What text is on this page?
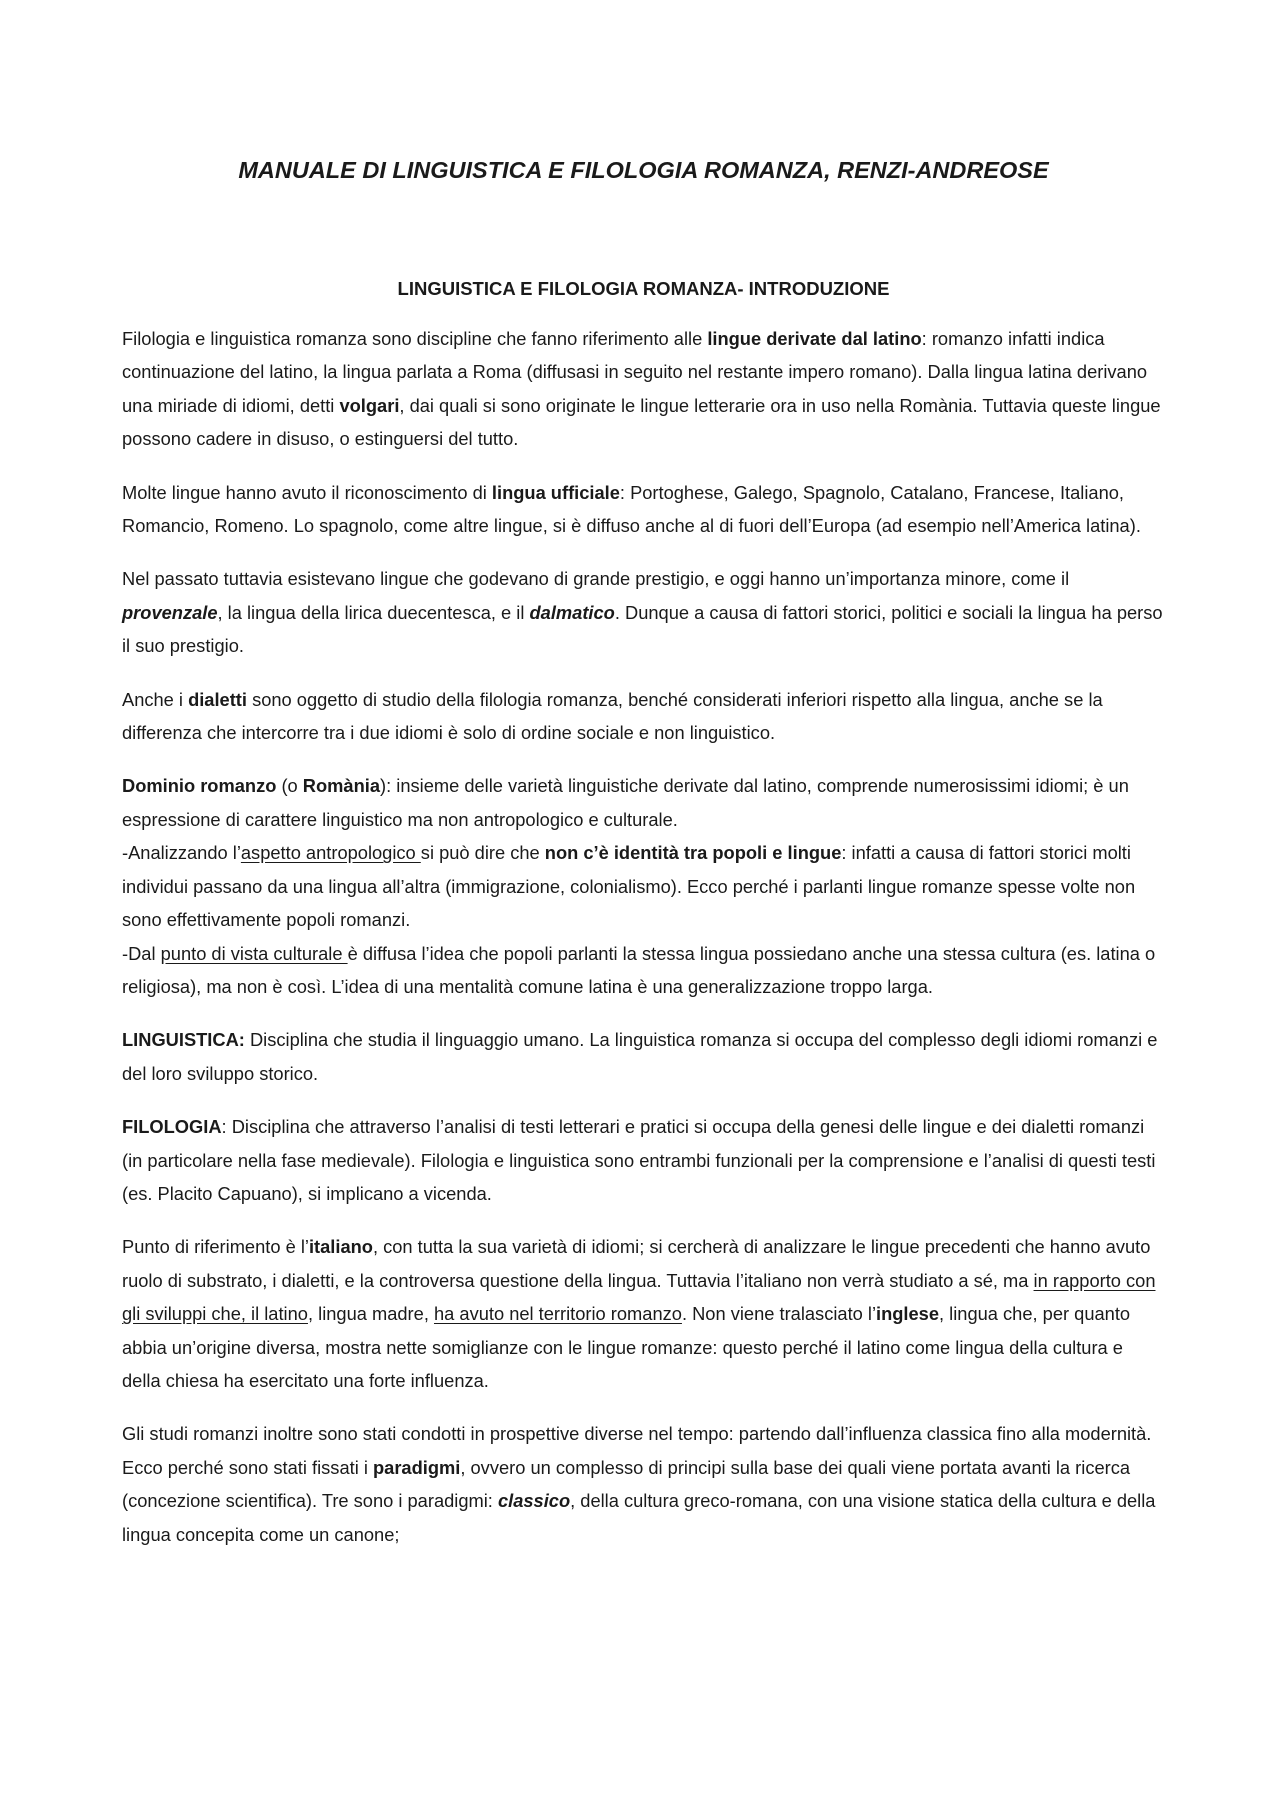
MANUALE DI LINGUISTICA E FILOLOGIA ROMANZA, RENZI-ANDREOSE
LINGUISTICA E FILOLOGIA ROMANZA- INTRODUZIONE

Filologia e linguistica romanza sono discipline che fanno riferimento alle lingue derivate dal latino: romanzo infatti indica continuazione del latino, la lingua parlata a Roma (diffusasi in seguito nel restante impero romano). Dalla lingua latina derivano una miriade di idiomi, detti volgari, dai quali si sono originate le lingue letterarie ora in uso nella Romània. Tuttavia queste lingue possono cadere in disuso, o estinguersi del tutto.

Molte lingue hanno avuto il riconoscimento di lingua ufficiale: Portoghese, Galego, Spagnolo, Catalano, Francese, Italiano, Romancio, Romeno. Lo spagnolo, come altre lingue, si è diffuso anche al di fuori dell’Europa (ad esempio nell’America latina).

Nel passato tuttavia esistevano lingue che godevano di grande prestigio, e oggi hanno un’importanza minore, come il provenzale, la lingua della lirica duecentesca, e il dalmatico. Dunque a causa di fattori storici, politici e sociali la lingua ha perso il suo prestigio.

Anche i dialetti sono oggetto di studio della filologia romanza, benché considerati inferiori rispetto alla lingua, anche se la differenza che intercorre tra i due idiomi è solo di ordine sociale e non linguistico.

Dominio romanzo (o Romània): insieme delle varietà linguistiche derivate dal latino, comprende numerosissimi idiomi; è un espressione di carattere linguistico ma non antropologico e culturale.
-Analizzando l’aspetto antropologico si può dire che non c’è identità tra popoli e lingue: infatti a causa di fattori storici molti individui passano da una lingua all’altra (immigrazione, colonialismo). Ecco perché i parlanti lingue romanze spesse volte non sono effettivamente popoli romanzi.
-Dal punto di vista culturale è diffusa l’idea che popoli parlanti la stessa lingua possiedano anche una stessa cultura (es. latina o religiosa), ma non è così. L’idea di una mentalità comune latina è una generalizzazione troppo larga.

LINGUISTICA: Disciplina che studia il linguaggio umano. La linguistica romanza si occupa del complesso degli idiomi romanzi e del loro sviluppo storico.

FILOLOGIA: Disciplina che attraverso l’analisi di testi letterari e pratici si occupa della genesi delle lingue e dei dialetti romanzi (in particolare nella fase medievale). Filologia e linguistica sono entrambi funzionali per la comprensione e l’analisi di questi testi (es. Placito Capuano), si implicano a vicenda.

Punto di riferimento è l’italiano, con tutta la sua varietà di idiomi; si cercherà di analizzare le lingue precedenti che hanno avuto ruolo di substrato, i dialetti, e la controversa questione della lingua. Tuttavia l’italiano non verrà studiato a sé, ma in rapporto con gli sviluppi che, il latino, lingua madre, ha avuto nel territorio romanzo. Non viene tralasciato l’inglese, lingua che, per quanto abbia un’origine diversa, mostra nette somiglianze con le lingue romanze: questo perché il latino come lingua della cultura e della chiesa ha esercitato una forte influenza.

Gli studi romanzi inoltre sono stati condotti in prospettive diverse nel tempo: partendo dall’influenza classica fino alla modernità. Ecco perché sono stati fissati i paradigmi, ovvero un complesso di principi sulla base dei quali viene portata avanti la ricerca (concezione scientifica). Tre sono i paradigmi: classico, della cultura greco-romana, con una visione statica della cultura e della lingua concepita come un canone;
